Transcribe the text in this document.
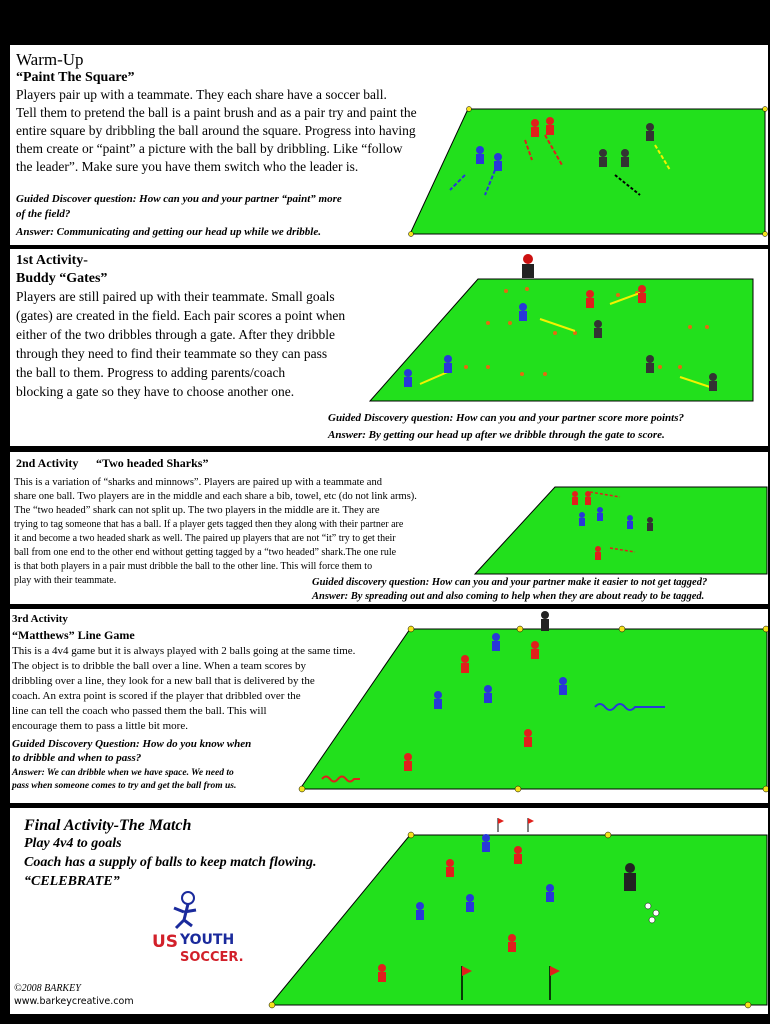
U-8 Lesson Plan: Cooperatively Competing
Warm-Up
“Paint The Square”
Players pair up with a teammate. They each share have a soccer ball.
Tell them to pretend the ball is a paint brush and as a pair try and paint the
entire square by dribbling the ball around the square. Progress into having
them create or “paint” a picture with the ball by dribbling. Like “follow
the leader”. Make sure you have them switch who the leader is.
Guided Discover question: How can you and your partner “paint” more
of the field?
Answer: Communicating and getting our head up while we dribble.
1st Activity-
Buddy “Gates”
Players are still paired up with their teammate. Small goals
(gates) are created in the field. Each pair scores a point when
either of the two dribbles through a gate. After they dribble
through they need to find their teammate so they can pass
the ball to them. Progress to adding parents/coach
blocking a gate so they have to choose another one.
Guided Discovery question: How can you and your partner score more points?
Answer: By getting our head up after we dribble through the gate to score.
2nd Activity “Two headed Sharks”
This is a variation of “sharks and minnows”. Players are paired up with a teammate and
share one ball. Two players are in the middle and each share a bib, towel, etc (do not link arms).
The “two headed” shark can not split up. The two players in the middle are it. They are
trying to tag someone that has a ball. If a player gets tagged then they along with their partner are
it and become a two headed shark as well. The paired up players that are not “it” try to get their
ball from one end to the other end without getting tagged by a “two headed” shark.The one rule
is that both players in a pair must dribble the ball to the other line. This will force them to
play with their teammate.	Guided discovery question: How can you and your partner make it easier to not get tagged?
Answer: By spreading out and also coming to help when they are about ready to be tagged.
3rd Activity
“Matthews” Line Game
This is a 4v4 game but it is always played with 2 balls going at the same time.
The object is to dribble the ball over a line. When a team scores by
dribbling over a line, they look for a new ball that is delivered by the
coach. An extra point is scored if the player that dribbled over the
line can tell the coach who passed them the ball. This will
encourage them to pass a little bit more.
Guided Discovery Question: How do you know when
to dribble and when to pass?
Answer: We can dribble when we have space. We need to
pass when someone comes to try and get the ball from us.
Final Activity-The Match
Play 4v4 to goals
Coach has a supply of balls to keep match flowing.
“CELEBRATE”
US YOUTH
SOCCER.
©2008 BARKEY
www.barkeycreative.com
